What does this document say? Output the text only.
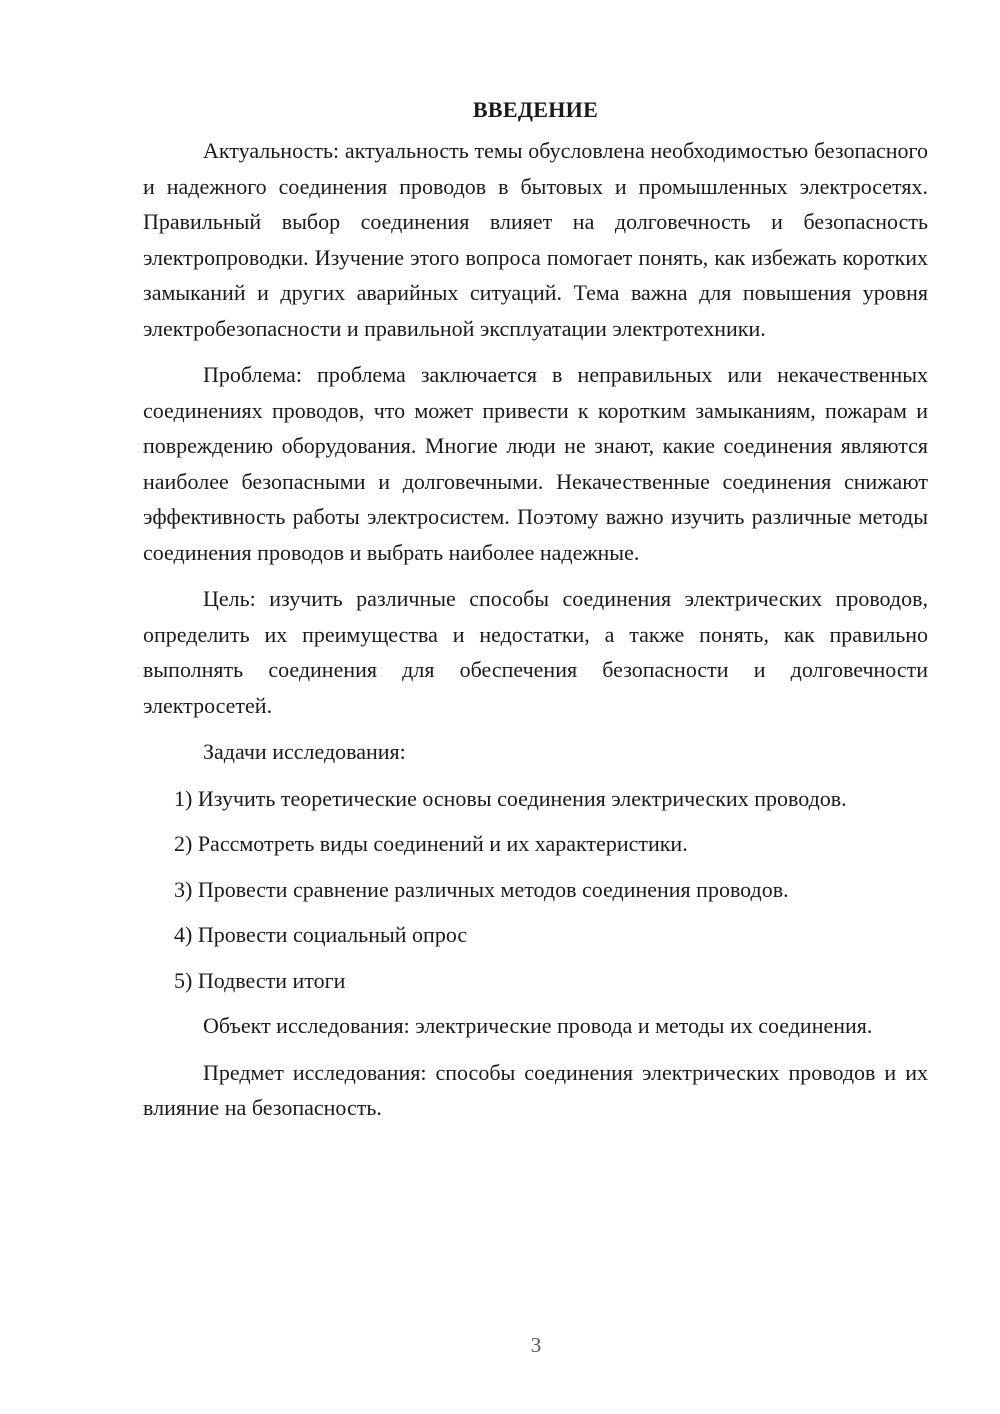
ВВЕДЕНИЕ

Актуальность: актуальность темы обусловлена необходимостью безопасного и надежного соединения проводов в бытовых и промышленных электросетях. Правильный выбор соединения влияет на долговечность и безопасность электропроводки. Изучение этого вопроса помогает понять, как избежать коротких замыканий и других аварийных ситуаций. Тема важна для повышения уровня электробезопасности и правильной эксплуатации электротехники.

Проблема: проблема заключается в неправильных или некачественных соединениях проводов, что может привести к коротким замыканиям, пожарам и повреждению оборудования. Многие люди не знают, какие соединения являются наиболее безопасными и долговечными. Некачественные соединения снижают эффективность работы электросистем. Поэтому важно изучить различные методы соединения проводов и выбрать наиболее надежные.

Цель: изучить различные способы соединения электрических проводов, определить их преимущества и недостатки, а также понять, как правильно выполнять соединения для обеспечения безопасности и долговечности электросетей.

Задачи исследования:

1) Изучить теоретические основы соединения электрических проводов.

2) Рассмотреть виды соединений и их характеристики.

3) Провести сравнение различных методов соединения проводов.

4) Провести социальный опрос

5) Подвести итоги

Объект исследования: электрические провода и методы их соединения.

Предмет исследования: способы соединения электрических проводов и их влияние на безопасность.

3
